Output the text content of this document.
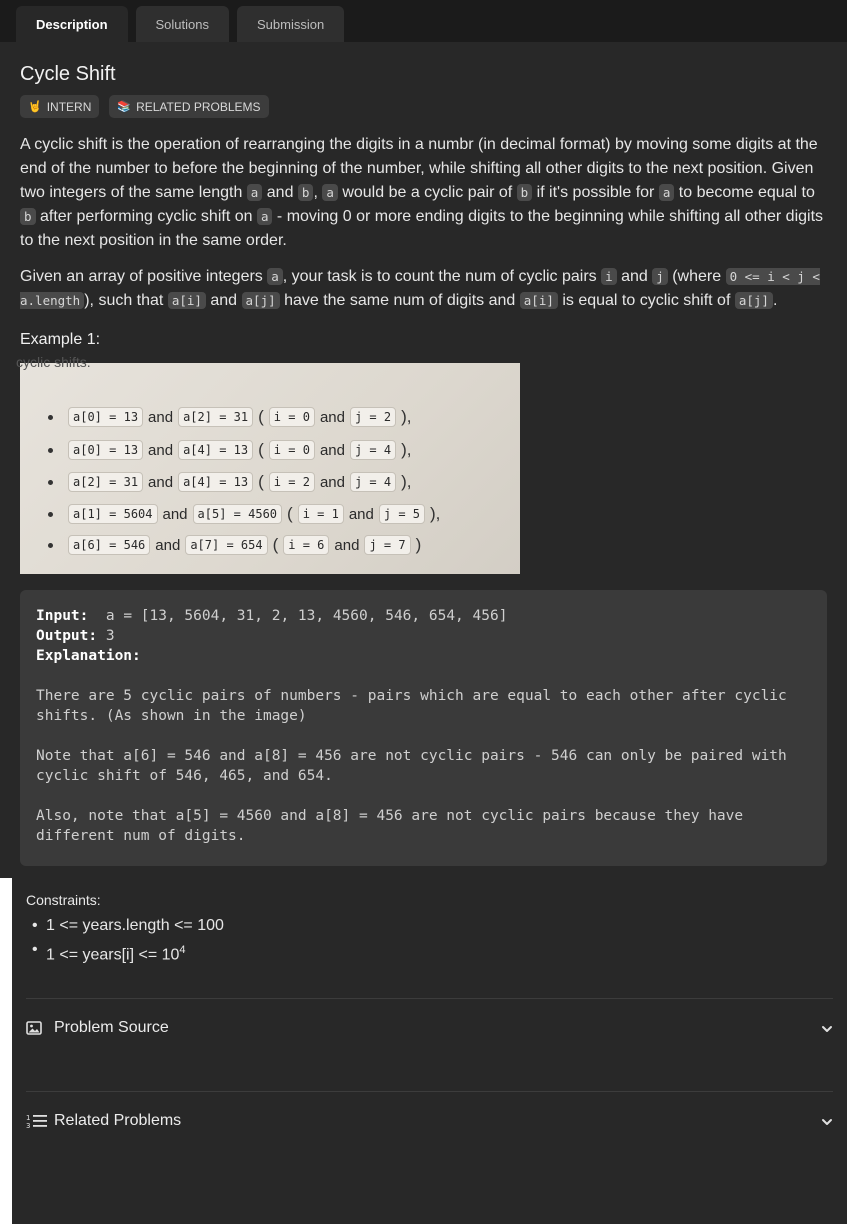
Description	Solutions	Submission
Cycle Shift
🤘 INTERN 📚 RELATED PROBLEMS

A cyclic shift is the operation of rearranging the digits in a numbr (in decimal format) by moving some digits at the end of the number to before the beginning of the number, while shifting all other digits to the next position. Given two integers of the same length a and b , a would be a cyclic pair of b if it's possible for a to become equal to b after performing cyclic shift on a - moving 0 or more ending digits to the beginning while shifting all other digits to the next position in the same order.

Given an array of positive integers a , your task is to count the num of cyclic pairs i and j (where 0 <= i < j < a.length ), such that a[i] and a[j] have the same num of digits and a[i] is equal to cyclic shift of a[j] .

Example 1:
cyclic shifts.
a[0] = 13 and a[2] = 31 ( i = 0 and j = 2 ),
a[0] = 13 and a[4] = 13 ( i = 0 and j = 4 ),
a[2] = 31 and a[4] = 13 ( i = 2 and j = 4 ),
a[1] = 5604 and a[5] = 4560 ( i = 1 and j = 5 ),
a[6] = 546 and a[7] = 654 ( i = 6 and j = 7 )
Input: a = [13, 5604, 31, 2, 13, 4560, 546, 654, 456]
Output: 3
Explanation:

There are 5 cyclic pairs of numbers - pairs which are equal to each other after cyclic shifts. (As shown in the image)

Note that a[6] = 546 and a[8] = 456 are not cyclic pairs - 546 can only be paired with cyclic shift of 546, 465, and 654.

Also, note that a[5] = 4560 and a[8] = 456 are not cyclic pairs because they have different num of digits.

Constraints:
• 1 <= years.length <= 100
• 1 <= years[i] <= $10^4$
Problem Source
1
3 Related Problems
